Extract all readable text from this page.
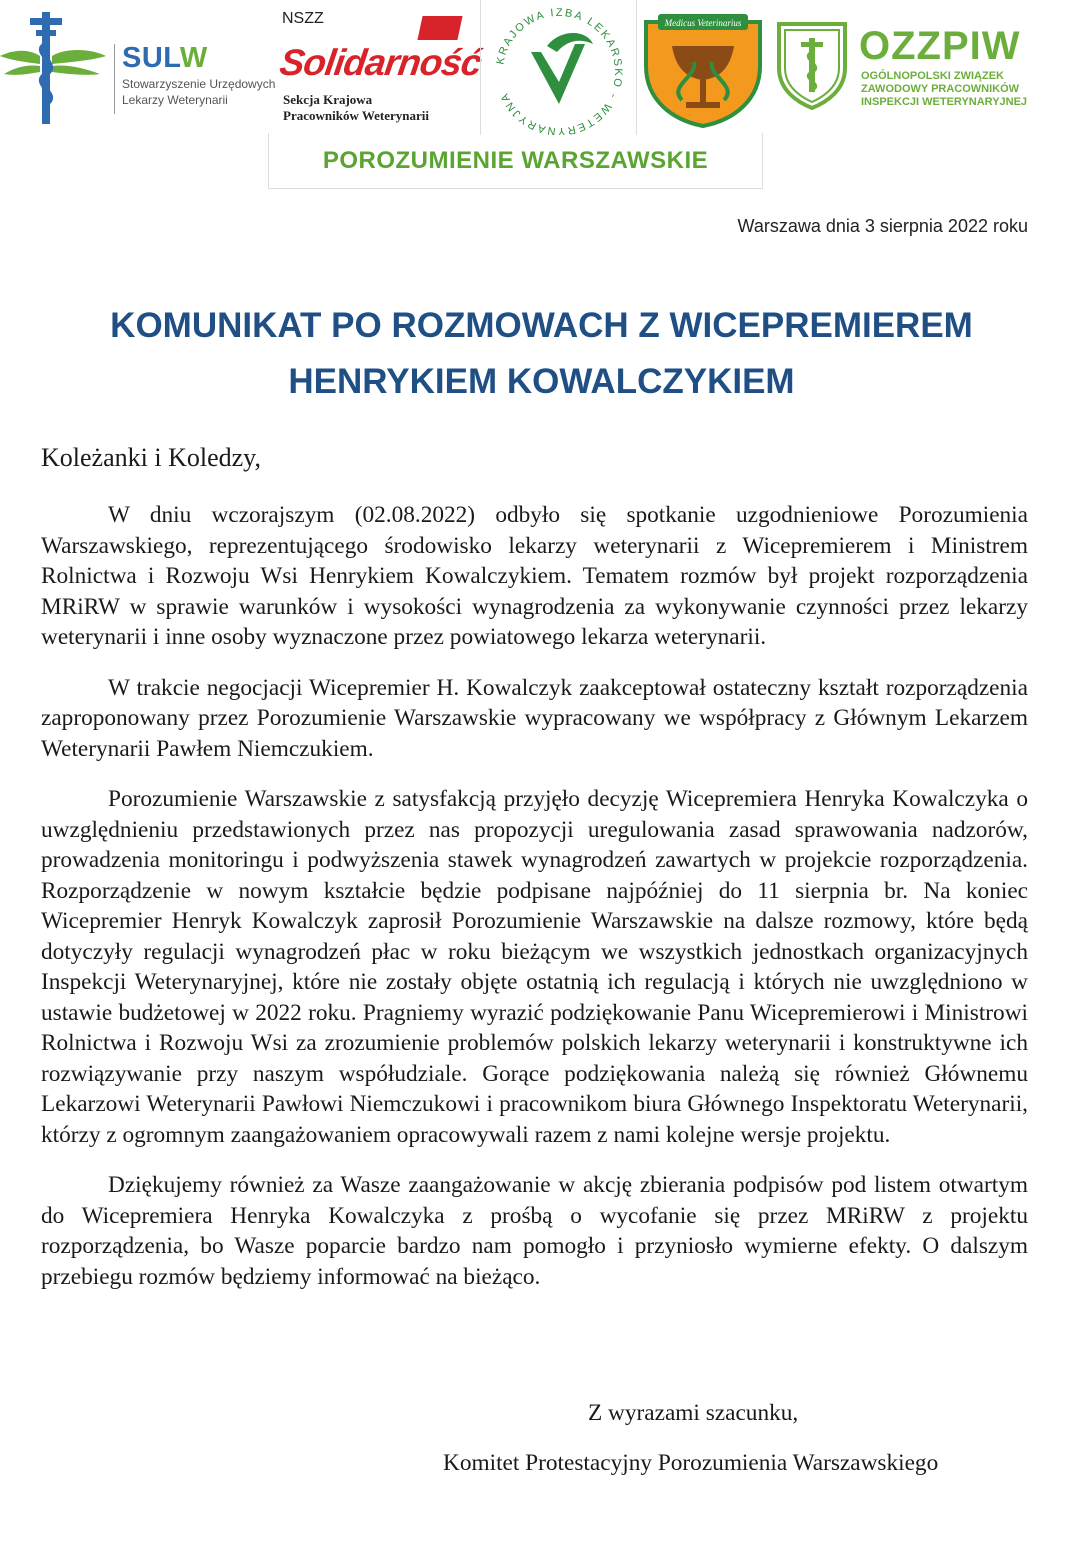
SULW
Stowarzyszenie Urzędowych
Lekarzy Weterynarii
NSZZ
Solidarność
Sekcja Krajowa
Pracowników Weterynarii
KRAJOWA IZBA LEKARSKO - WETERYNARYJNA
Medicus Veterinarius
OZZPIW
OGÓLNOPOLSKI ZWIĄZEK
ZAWODOWY PRACOWNIKÓW
INSPEKCJI WETERYNARYJNEJ
POROZUMIENIE WARSZAWSKIE
Warszawa dnia 3 sierpnia 2022 roku
KOMUNIKAT PO ROZMOWACH Z WICEPREMIEREM
HENRYKIEM KOWALCZYKIEM
Koleżanki i Koledzy,

W dniu wczorajszym (02.08.2022) odbyło się spotkanie uzgodnieniowe Porozumienia Warszawskiego, reprezentującego środowisko lekarzy weterynarii z Wicepremierem i Ministrem Rolnictwa i Rozwoju Wsi Henrykiem Kowalczykiem. Tematem rozmów był projekt rozporządzenia MRiRW w sprawie warunków i wysokości wynagrodzenia za wykonywanie czynności przez lekarzy weterynarii i inne osoby wyznaczone przez powiatowego lekarza weterynarii.

W trakcie negocjacji Wicepremier H. Kowalczyk zaakceptował ostateczny kształt rozporządzenia zaproponowany przez Porozumienie Warszawskie wypracowany we współpracy z Głównym Lekarzem Weterynarii Pawłem Niemczukiem.

Porozumienie Warszawskie z satysfakcją przyjęło decyzję Wicepremiera Henryka Kowalczyka o uwzględnieniu przedstawionych przez nas propozycji uregulowania zasad sprawowania nadzorów, prowadzenia monitoringu i podwyższenia stawek wynagrodzeń zawartych w projekcie rozporządzenia. Rozporządzenie w nowym kształcie będzie podpisane najpóźniej do 11 sierpnia br. Na koniec Wicepremier Henryk Kowalczyk zaprosił Porozumienie Warszawskie na dalsze rozmowy, które będą dotyczyły regulacji wynagrodzeń płac w roku bieżącym we wszystkich jednostkach organizacyjnych Inspekcji Weterynaryjnej, które nie zostały objęte ostatnią ich regulacją i których nie uwzględniono w ustawie budżetowej w 2022 roku. Pragniemy wyrazić podziękowanie Panu Wicepremierowi i Ministrowi Rolnictwa i Rozwoju Wsi za zrozumienie problemów polskich lekarzy weterynarii i konstruktywne ich rozwiązywanie przy naszym współudziale. Gorące podziękowania należą się również Głównemu Lekarzowi Weterynarii Pawłowi Niemczukowi i pracownikom biura Głównego Inspektoratu Weterynarii, którzy z ogromnym zaangażowaniem opracowywali razem z nami kolejne wersje projektu.

Dziękujemy również za Wasze zaangażowanie w akcję zbierania podpisów pod listem otwartym do Wicepremiera Henryka Kowalczyka z prośbą o wycofanie się przez MRiRW z projektu rozporządzenia, bo Wasze poparcie bardzo nam pomogło i przyniosło wymierne efekty. O dalszym przebiegu rozmów będziemy informować na bieżąco.

Z wyrazami szacunku,
Komitet Protestacyjny Porozumienia Warszawskiego
